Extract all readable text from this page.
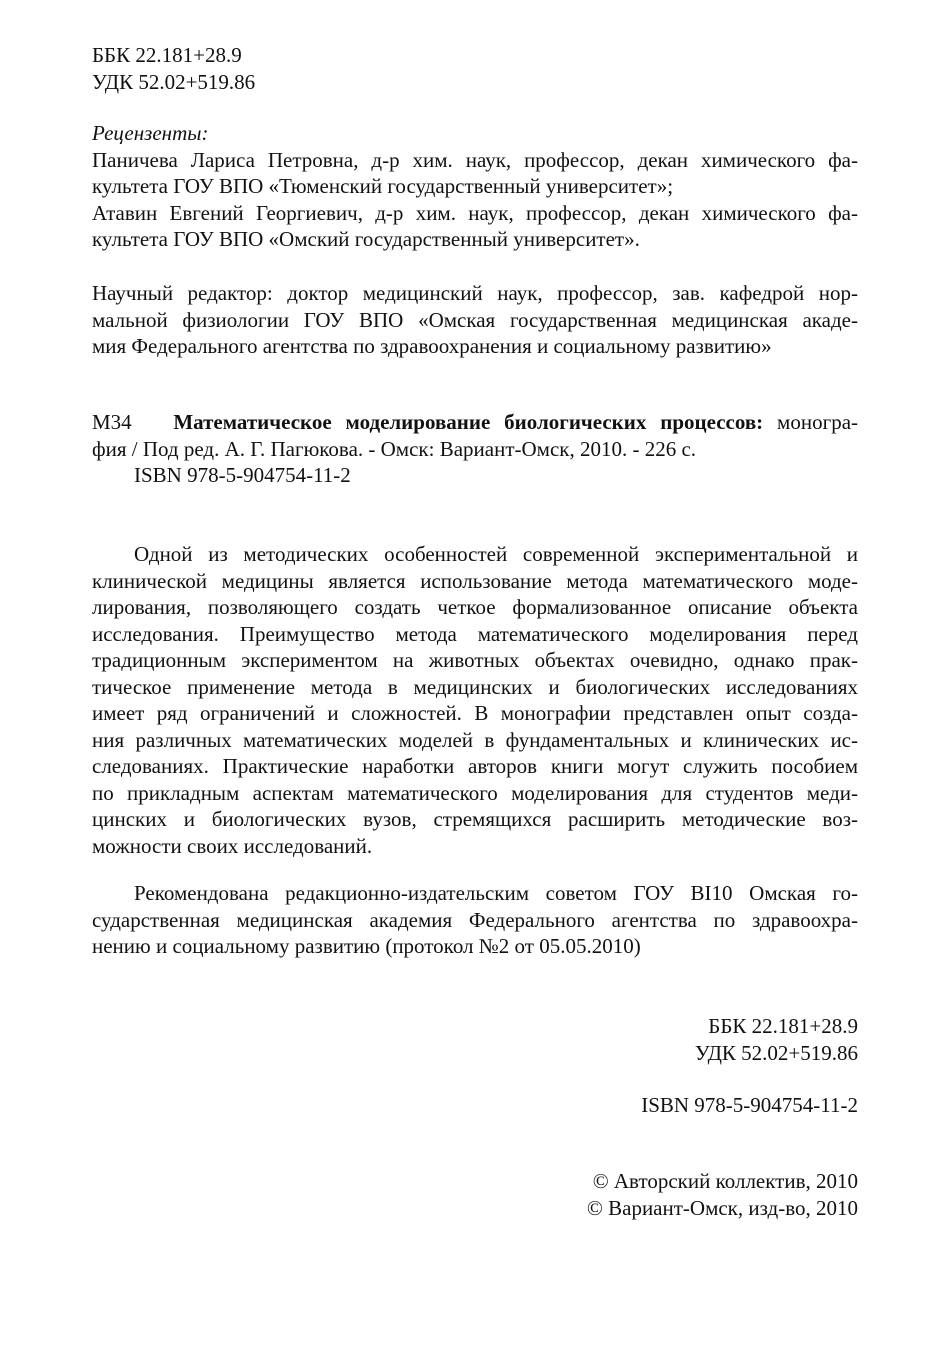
ББК 22.181+28.9
УДК 52.02+519.86
Рецензенты:
Паничева Лариса Петровна, д-р хим. наук, профессор, декан химического фа-
культета ГОУ ВПО «Тюменский государственный университет»;
Атавин Евгений Георгиевич, д-р хим. наук, профессор, декан химического фа-
культета ГОУ ВПО «Омский государственный университет».
Научный редактор: доктор медицинский наук, профессор, зав. кафедрой нор-
мальной физиологии ГОУ ВПО «Омская государственная медицинская акаде-
мия Федерального агентства по здравоохранения и социальному развитию»
М34 Математическое моделирование биологических процессов: моногра-
фия / Под ред. А. Г. Пагюкова. - Омск: Вариант-Омск, 2010. - 226 с.
ISBN 978-5-904754-11-2
Одной из методических особенностей современной экспериментальной и
клинической медицины является использование метода математического моде-
лирования, позволяющего создать четкое формализованное описание объекта
исследования. Преимущество метода математического моделирования перед
традиционным экспериментом на животных объектах очевидно, однако прак-
тическое применение метода в медицинских и биологических исследованиях
имеет ряд ограничений и сложностей. В монографии представлен опыт созда-
ния различных математических моделей в фундаментальных и клинических ис-
следованиях. Практические наработки авторов книги могут служить пособием
по прикладным аспектам математического моделирования для студентов меди-
цинских и биологических вузов, стремящихся расширить методические воз-
можности своих исследований.
Рекомендована редакционно-издательским советом ГОУ ВI10 Омская го-
сударственная медицинская академия Федерального агентства по здравоохра-
нению и социальному развитию (протокол №2 от 05.05.2010)
ББК 22.181+28.9
УДК 52.02+519.86
ISBN 978-5-904754-11-2
© Авторский коллектив, 2010
© Вариант-Омск, изд-во, 2010
